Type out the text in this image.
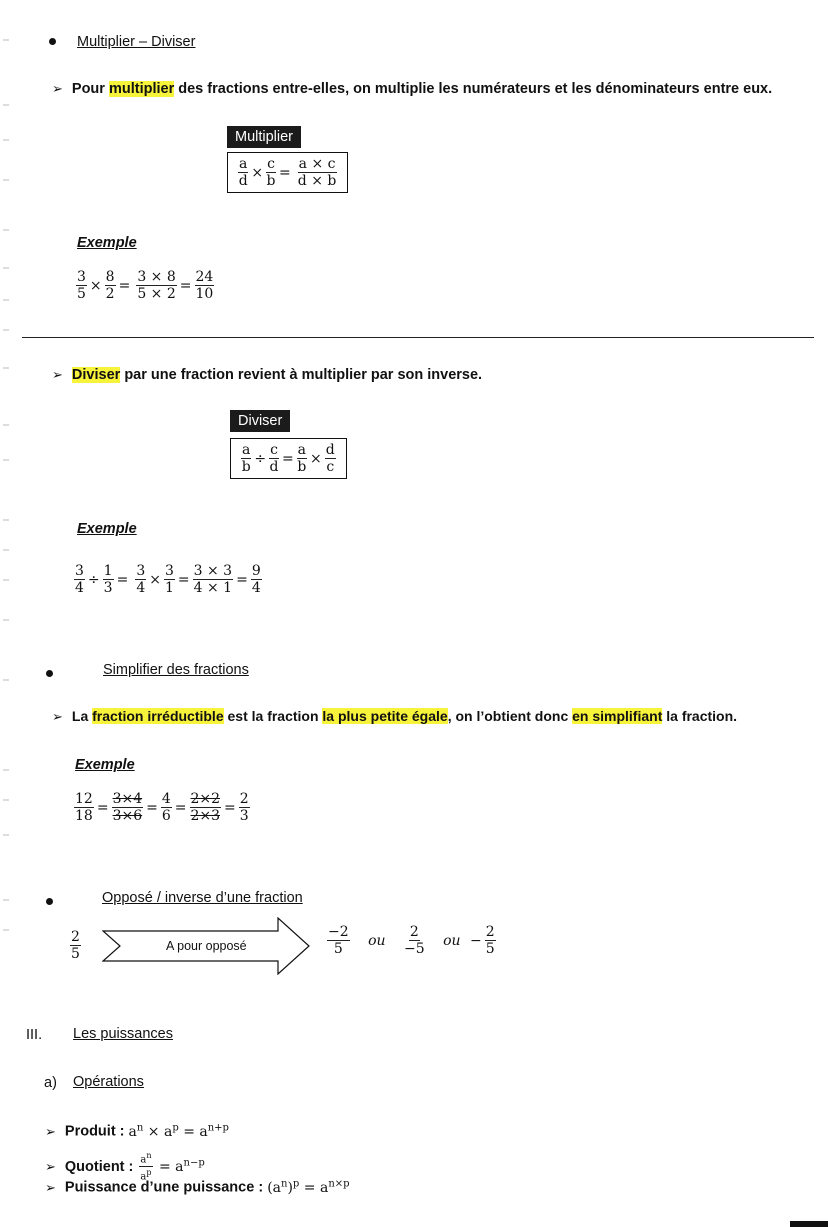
Multiplier – Diviser
➢ Pour multiplier des fractions entre-elles, on multiplie les numérateurs et les dénominateurs entre eux.
Multiplier
$\frac{a}{d} \times \frac{c}{b} = \frac{a \times c}{d \times b}$
Exemple
$\frac{3}{5} \times \frac{8}{2} = \frac{3 \times 8}{5 \times 2} = \frac{24}{10}$
➢ Diviser par une fraction revient à multiplier par son inverse.
Diviser
$\frac{a}{b} \div \frac{c}{d} = \frac{a}{b} \times \frac{d}{c}$
Exemple
$\frac{3}{4} \div \frac{1}{3} = \frac{3}{4} \times \frac{3}{1} = \frac{3 \times 3}{4 \times 1} = \frac{9}{4}$
Simplifier des fractions
➢ La fraction irréductible est la fraction la plus petite égale, on l’obtient donc en simplifiant la fraction.
Exemple
$\frac{12}{18} = \frac{3\times 4}{3\times 6} = \frac{4}{6} = \frac{2\times 2}{2\times 3} = \frac{2}{3}$
Opposé / inverse d’une fraction
$\frac{2}{5}$	A pour opposé	$\frac{-2}{5}$ ou $\frac{2}{-5}$ ou − $\frac{2}{5}$
III. Les puissances
a) Opérations
➢ Produit : $a^n \times a^p = a^{n+p}$
➢ Quotient : $\frac{a^n}{a^p} = a^{n-p}$
➢ Puissance d’une puissance : $(a^n)^p = a^{n\times p}$
